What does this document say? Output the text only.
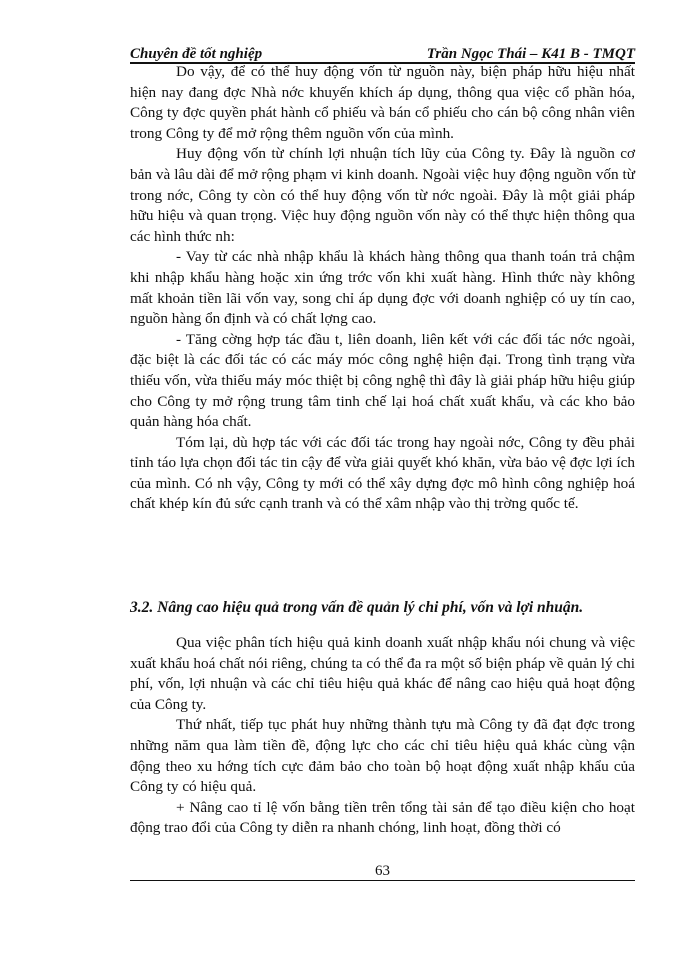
Chuyên đề tốt nghiệp	Trần Ngọc Thái – K41 B - TMQT

Do vậy, để có thể huy động vốn từ nguồn này, biện pháp hữu hiệu nhất hiện nay đang đợc Nhà nớc khuyến khích áp dụng, thông qua việc cổ phần hóa, Công ty đợc quyền phát hành cổ phiếu và bán cổ phiếu cho cán bộ công nhân viên trong Công ty để mở rộng thêm nguồn vốn của mình.

Huy động vốn từ chính lợi nhuận tích lũy của Công ty. Đây là nguồn cơ bản và lâu dài để mở rộng phạm vi kinh doanh. Ngoài việc huy động nguồn vốn từ trong nớc, Công ty còn có thể huy động vốn từ nớc ngoài. Đây là một giải pháp hữu hiệu và quan trọng. Việc huy động nguồn vốn này có thể thực hiện thông qua các hình thức nh:

- Vay từ các nhà nhập khẩu là khách hàng thông qua thanh toán trả chậm khi nhập khẩu hàng hoặc xin ứng trớc vốn khi xuất hàng. Hình thức này không mất khoản tiền lãi vốn vay, song chỉ áp dụng đợc với doanh nghiệp có uy tín cao, nguồn hàng ổn định và có chất lợng cao.

- Tăng cờng hợp tác đầu t, liên doanh, liên kết với các đối tác nớc ngoài, đặc biệt là các đối tác có các máy móc công nghệ hiện đại. Trong tình trạng vừa thiếu vốn, vừa thiếu máy móc thiệt bị công nghệ thì đây là giải pháp hữu hiệu giúp cho Công ty mở rộng trung tâm tinh chế lại hoá chất xuất khẩu, và các kho bảo quản hàng hóa chất.

Tóm lại, dù hợp tác với các đối tác trong hay ngoài nớc, Công ty đều phải tỉnh táo lựa chọn đối tác tin cậy để vừa giải quyết khó khăn, vừa bảo vệ đợc lợi ích của mình. Có nh vậy, Công ty mới có thể xây dựng đợc mô hình công nghiệp hoá chất khép kín đủ sức cạnh tranh và có thể xâm nhập vào thị trờng quốc tế.

3.2. Nâng cao hiệu quả trong vấn đề quản lý chi phí, vốn và lợi nhuận.

Qua việc phân tích hiệu quả kinh doanh xuất nhập khẩu nói chung và việc xuất khẩu hoá chất nói riêng, chúng ta có thể đa ra một số biện pháp về quản lý chi phí, vốn, lợi nhuận và các chỉ tiêu hiệu quả khác để nâng cao hiệu quả hoạt động của Công ty.

Thứ nhất, tiếp tục phát huy những thành tựu mà Công ty đã đạt đợc trong những năm qua làm tiền đề, động lực cho các chỉ tiêu hiệu quả khác cùng vận động theo xu hớng tích cực đảm bảo cho toàn bộ hoạt động xuất nhập khẩu của Công ty có hiệu quả.

+ Nâng cao tỉ lệ vốn bằng tiền trên tổng tài sản để tạo điều kiện cho hoạt động trao đổi của Công ty diễn ra nhanh chóng, linh hoạt, đồng thời có

63
